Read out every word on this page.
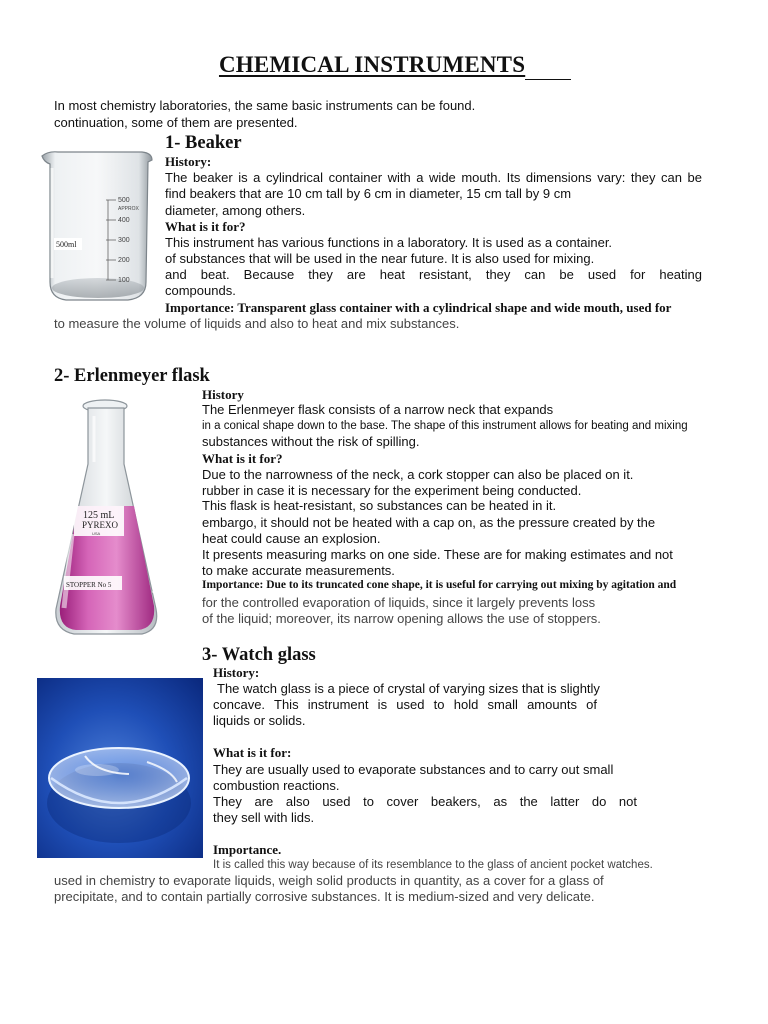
CHEMICAL INSTRUMENTS
In most chemistry laboratories, the same basic instruments can be found.
continuation, some of them are presented.
500
APPROX
400
300
200
100
500ml
1- Beaker
History:
The beaker is a cylindrical container with a wide mouth. Its dimensions vary: they can be
find beakers that are 10 cm tall by 6 cm in diameter, 15 cm tall by 9 cm
diameter, among others.
What is it for?
This instrument has various functions in a laboratory. It is used as a container.
of substances that will be used in the near future. It is also used for mixing.
and beat. Because they are heat resistant, they can be used for heating
compounds.
Importance: Transparent glass container with a cylindrical shape and wide mouth, used for
to measure the volume of liquids and also to heat and mix substances.
2- Erlenmeyer flask
125 mL
PYREXO
USA
STOPPER No 5
125
100
75
50
History
The Erlenmeyer flask consists of a narrow neck that expands
in a conical shape down to the base. The shape of this instrument allows for beating and mixing
substances without the risk of spilling.
What is it for?
Due to the narrowness of the neck, a cork stopper can also be placed on it.
rubber in case it is necessary for the experiment being conducted.
This flask is heat-resistant, so substances can be heated in it.
embargo, it should not be heated with a cap on, as the pressure created by the
heat could cause an explosion.
It presents measuring marks on one side. These are for making estimates and not
to make accurate measurements.
Importance: Due to its truncated cone shape, it is useful for carrying out mixing by agitation and
for the controlled evaporation of liquids, since it largely prevents loss
of the liquid; moreover, its narrow opening allows the use of stoppers.
3- Watch glass
History:
The watch glass is a piece of crystal of varying sizes that is slightly
concave. This instrument is used to hold small amounts of
liquids or solids.
What is it for:
They are usually used to evaporate substances and to carry out small
combustion reactions.
They are also used to cover beakers, as the latter do not
they sell with lids.
Importance.
It is called this way because of its resemblance to the glass of ancient pocket watches.
used in chemistry to evaporate liquids, weigh solid products in quantity, as a cover for a glass of
precipitate, and to contain partially corrosive substances. It is medium-sized and very delicate.
